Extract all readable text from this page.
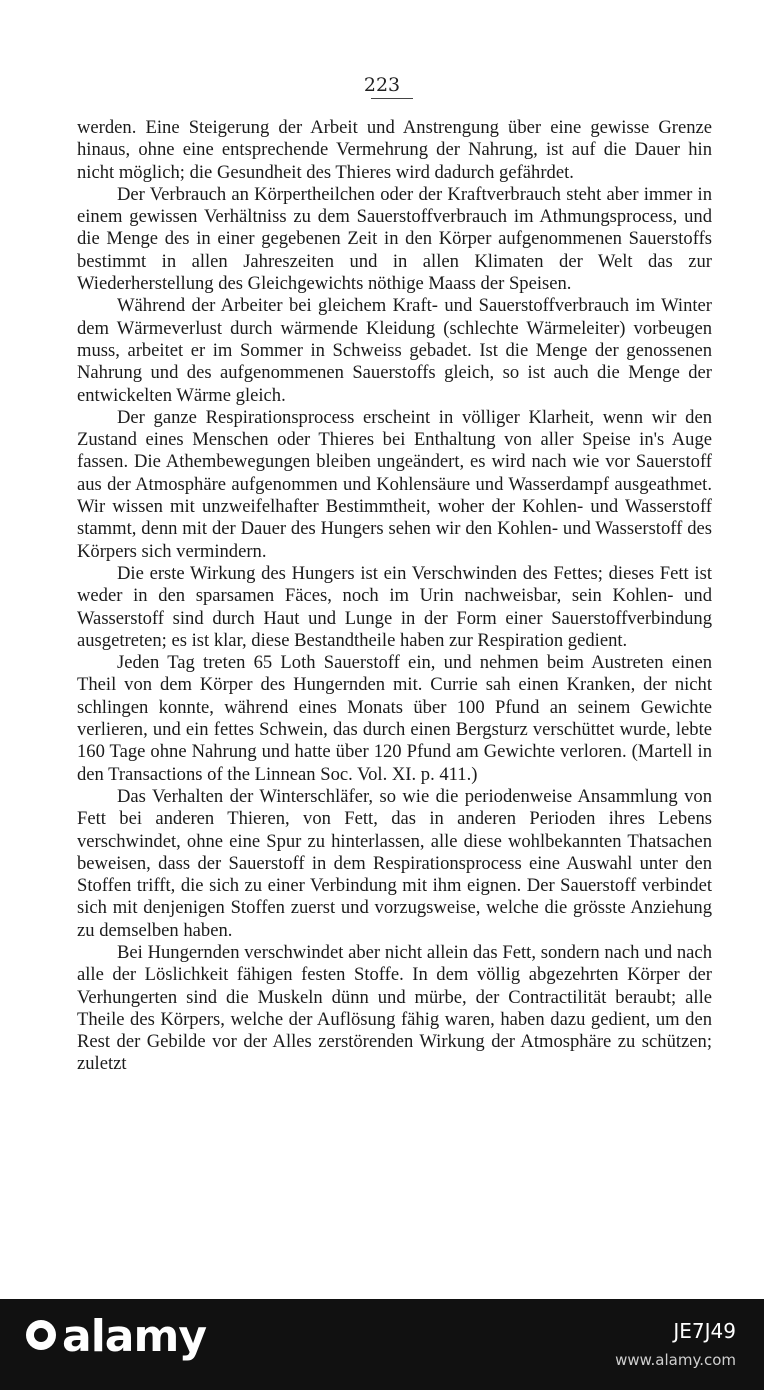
223

werden. Eine Steigerung der Arbeit und Anstrengung über eine gewisse Grenze hinaus, ohne eine entsprechende Vermehrung der Nahrung, ist auf die Dauer hin nicht möglich; die Gesundheit des Thieres wird dadurch gefährdet.

Der Verbrauch an Körpertheilchen oder der Kraftverbrauch steht aber immer in einem gewissen Verhältniss zu dem Sauerstoffverbrauch im Athmungsprocess, und die Menge des in einer gegebenen Zeit in den Körper aufgenommenen Sauerstoffs bestimmt in allen Jahreszeiten und in allen Klimaten der Welt das zur Wiederherstellung des Gleichgewichts nöthige Maass der Speisen.

Während der Arbeiter bei gleichem Kraft- und Sauerstoffverbrauch im Winter dem Wärmeverlust durch wärmende Kleidung (schlechte Wärmeleiter) vorbeugen muss, arbeitet er im Sommer in Schweiss gebadet. Ist die Menge der genossenen Nahrung und des aufgenommenen Sauerstoffs gleich, so ist auch die Menge der entwickelten Wärme gleich.

Der ganze Respirationsprocess erscheint in völliger Klarheit, wenn wir den Zustand eines Menschen oder Thieres bei Enthaltung von aller Speise in's Auge fassen. Die Athembewegungen bleiben ungeändert, es wird nach wie vor Sauerstoff aus der Atmosphäre aufgenommen und Kohlensäure und Wasserdampf ausgeathmet. Wir wissen mit unzweifelhafter Bestimmtheit, woher der Kohlen- und Wasserstoff stammt, denn mit der Dauer des Hungers sehen wir den Kohlen- und Wasserstoff des Körpers sich vermindern.

Die erste Wirkung des Hungers ist ein Verschwinden des Fettes; dieses Fett ist weder in den sparsamen Fäces, noch im Urin nachweisbar, sein Kohlen- und Wasserstoff sind durch Haut und Lunge in der Form einer Sauerstoffverbindung ausgetreten; es ist klar, diese Bestandtheile haben zur Respiration gedient.

Jeden Tag treten 65 Loth Sauerstoff ein, und nehmen beim Austreten einen Theil von dem Körper des Hungernden mit. Currie sah einen Kranken, der nicht schlingen konnte, während eines Monats über 100 Pfund an seinem Gewichte verlieren, und ein fettes Schwein, das durch einen Bergsturz verschüttet wurde, lebte 160 Tage ohne Nahrung und hatte über 120 Pfund am Gewichte verloren. (Martell in den Transactions of the Linnean Soc. Vol. XI. p. 411.)

Das Verhalten der Winterschläfer, so wie die periodenweise Ansammlung von Fett bei anderen Thieren, von Fett, das in anderen Perioden ihres Lebens verschwindet, ohne eine Spur zu hinterlassen, alle diese wohlbekannten Thatsachen beweisen, dass der Sauerstoff in dem Respirationsprocess eine Auswahl unter den Stoffen trifft, die sich zu einer Verbindung mit ihm eignen. Der Sauerstoff verbindet sich mit denjenigen Stoffen zuerst und vorzugsweise, welche die grösste Anziehung zu demselben haben.

Bei Hungernden verschwindet aber nicht allein das Fett, sondern nach und nach alle der Löslichkeit fähigen festen Stoffe. In dem völlig abgezehrten Körper der Verhungerten sind die Muskeln dünn und mürbe, der Contractilität beraubt; alle Theile des Körpers, welche der Auflösung fähig waren, haben dazu gedient, um den Rest der Gebilde vor der Alles zerstörenden Wirkung der Atmosphäre zu schützen; zuletzt

alamy	JE7J49
www.alamy.com
